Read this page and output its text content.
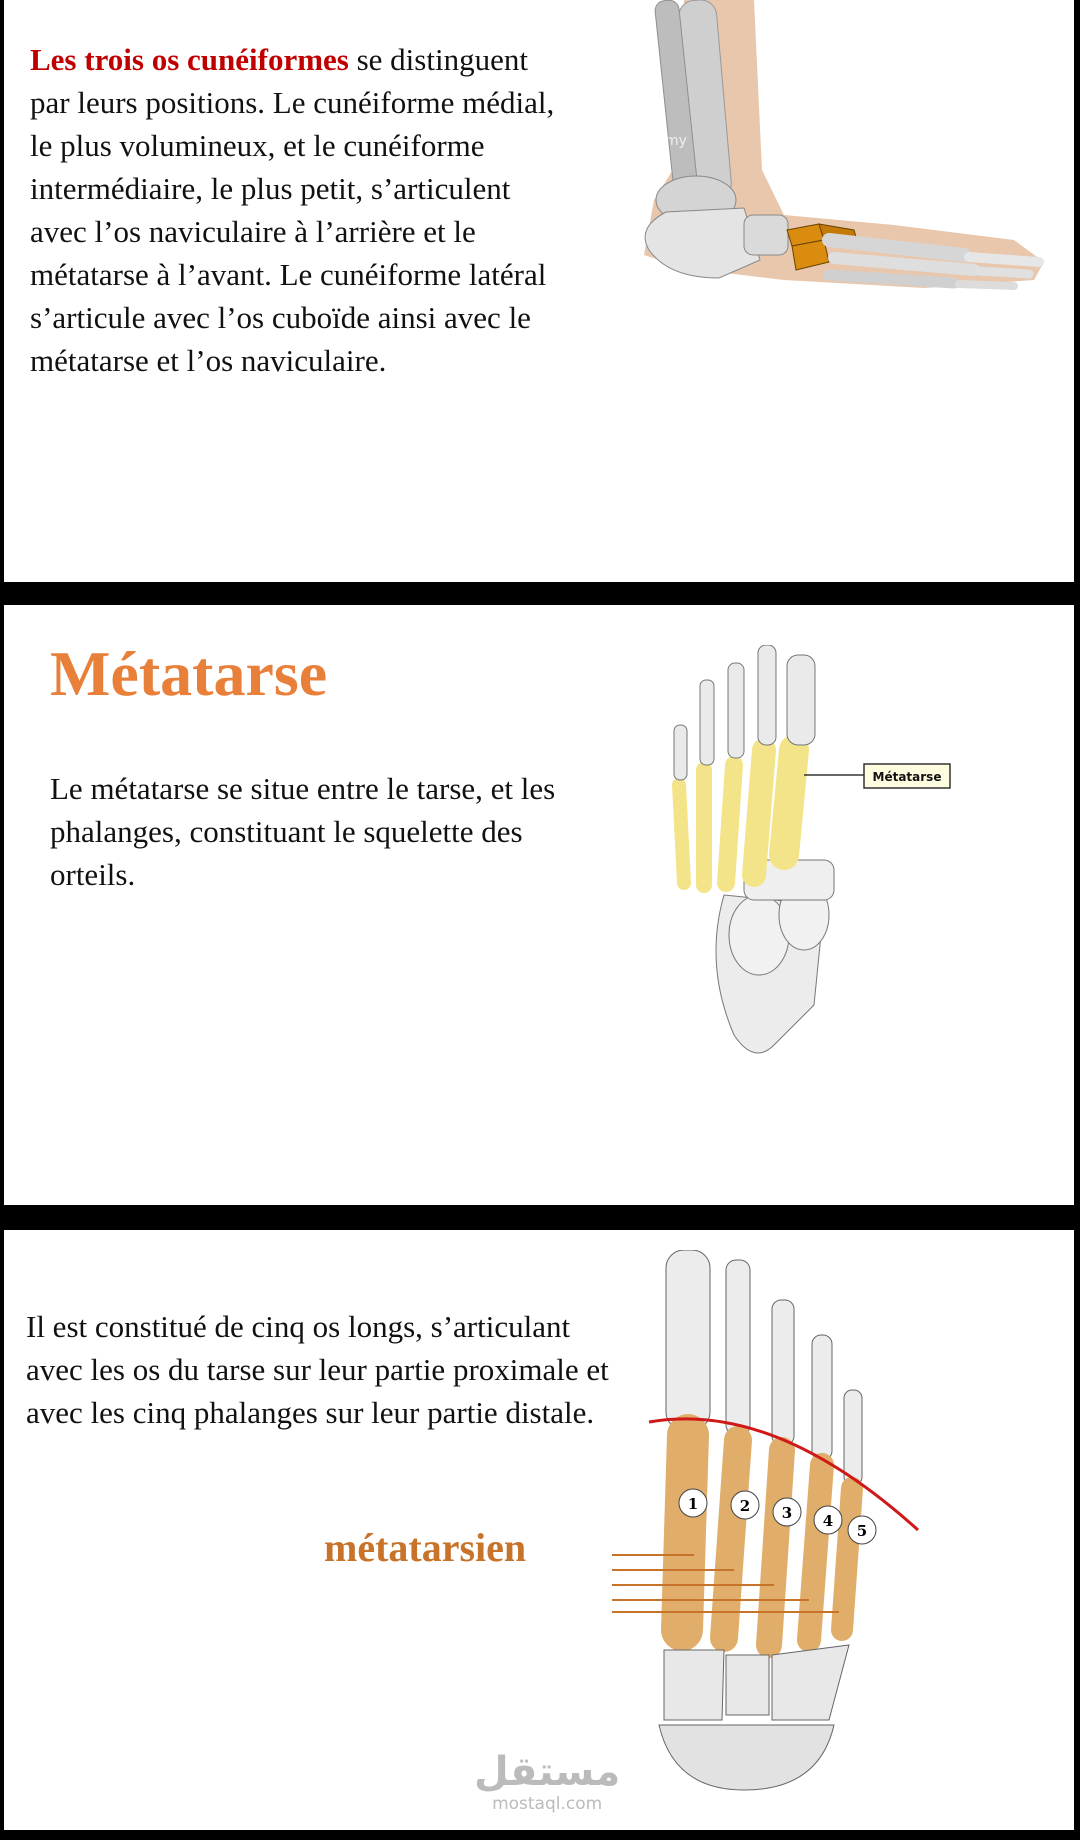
Les trois os cunéiformes se distinguent par leurs positions. Le cunéiforme médial, le plus volumineux, et le cunéiforme intermédiaire, le plus petit, s’articulent avec l’os naviculaire à l’arrière et le métatarse à l’avant. Le cunéiforme latéral s’articule avec l’os cuboïde ainsi avec le métatarse et l’os naviculaire.

alamy
Métatarse

Le métatarse se situe entre le tarse, et les phalanges, constituant le squelette des orteils.

Métatarse

Il est constitué de cinq os longs, s’articulant avec les os du tarse sur leur partie proximale et avec les cinq phalanges sur leur partie distale.

métatarsien
1	2 3 4
5
مستقل
mostaql.com
